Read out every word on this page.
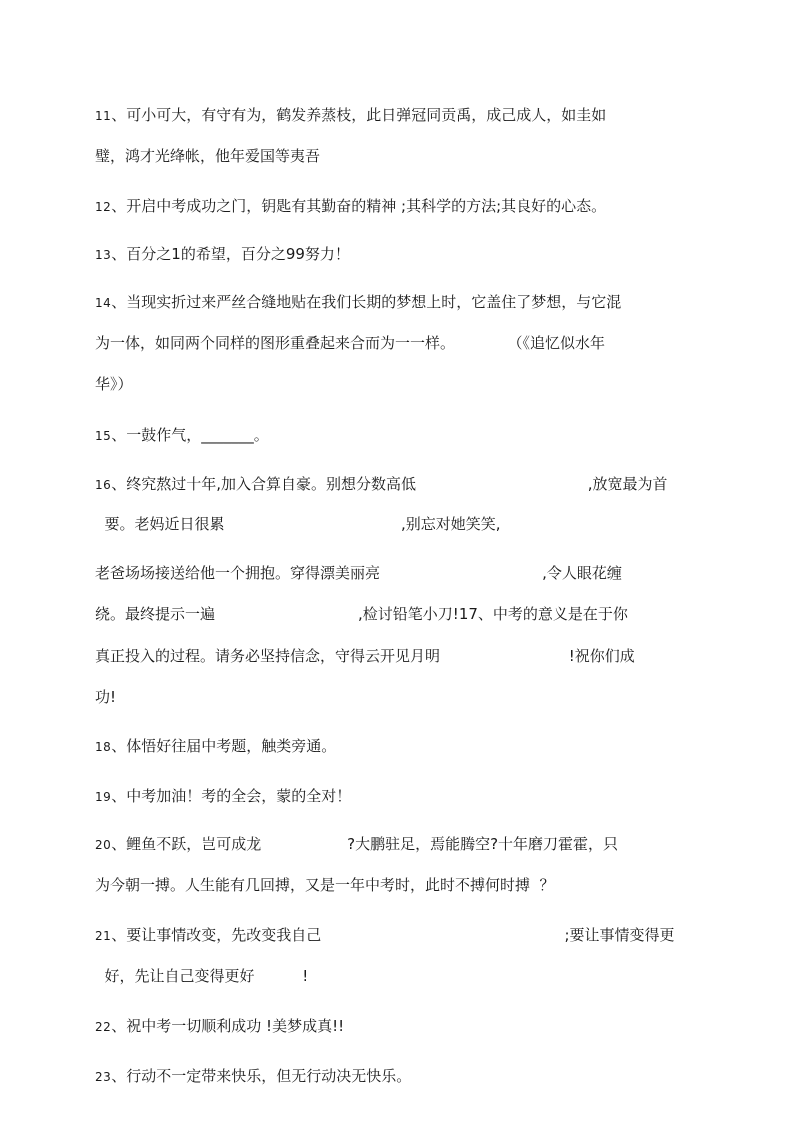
11、可小可大，有守有为，鹤发养蒸枝，此日弹冠同贡禹，成己成人，如圭如
璧，鸿才光绛帐，他年爱国等夷吾
12、开启中考成功之门，钥匙有其勤奋的精神 ;其科学的方法;其良好的心态。
13、百分之1的希望，百分之99努力！
14、当现实折过来严丝合缝地贴在我们长期的梦想上时，它盖住了梦想，与它混
为一体，如同两个同样的图形重叠起来合而为一一样。           （《追忆似水年
华》）
15、一鼓作气，_______。
16、终究熬过十年,加入合算自豪。别想分数高低                                    ,放宽最为首
要。老妈近日很累                                     ,别忘对她笑笑,
老爸场场接送给他一个拥抱。穿得漂美丽亮                                  ,令人眼花缠
绕。最终提示一遍                              ,检讨铅笔小刀!17、中考的意义是在于你
真正投入的过程。请务必坚持信念，守得云开见月明                           !祝你们成
功!
18、体悟好往届中考题，触类旁通。
19、中考加油！考的全会，蒙的全对！
20、鲤鱼不跃，岂可成龙                  ?大鹏驻足，焉能腾空?十年磨刀霍霍，只
为今朝一搏。人生能有几回搏，又是一年中考时，此时不搏何时搏  ？
21、要让事情改变，先改变我自己                                                   ;要让事情变得更
好，先让自己变得更好          !
22、祝中考一切顺利成功 !美梦成真!!
23、行动不一定带来快乐，但无行动决无快乐。
